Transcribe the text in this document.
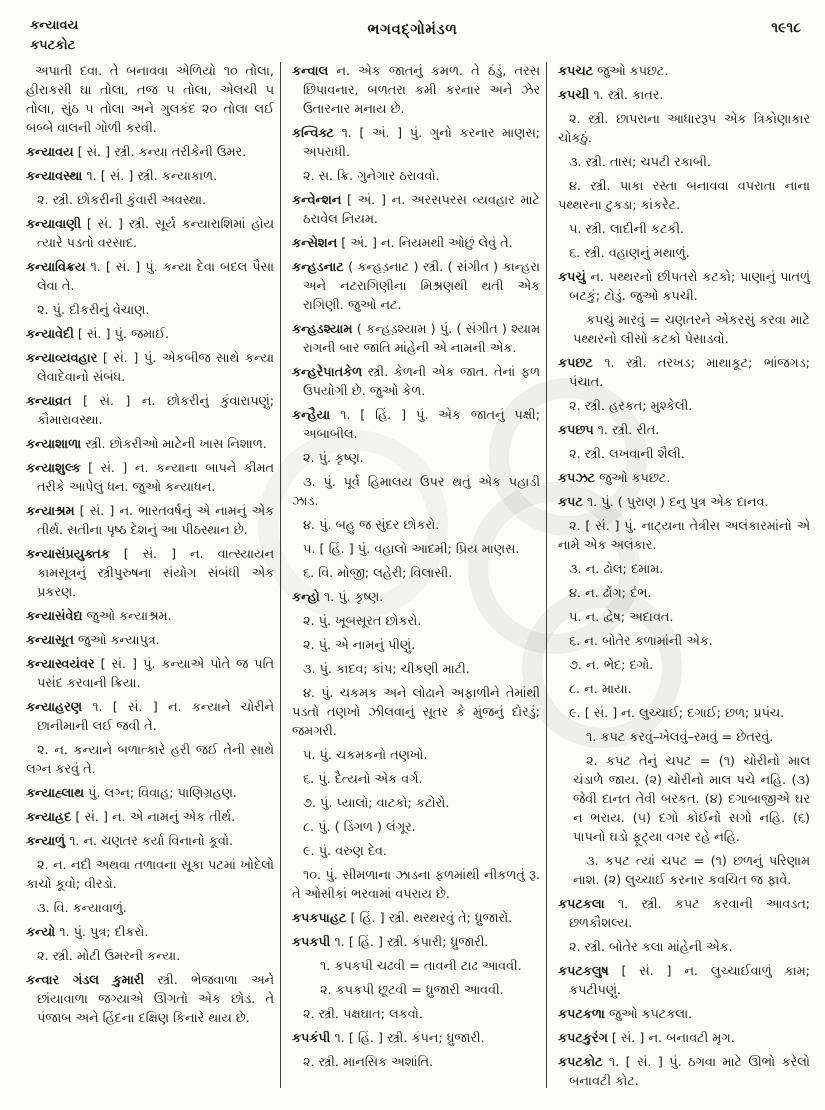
કન્યાવય
કપટકોટ
ભગવદ્ગોમંડળ	૧૯૧૮

અપાતી દવા. તે બનાવવા એળિયો ૧૦ તોલા, હીરાકસી ઘા તોલા, તજ ૫ તોલા, એલચી ૫ તોલા, સુંઠ ૫ તોલા અને ગુલકંદ ૨૦ તોલા લઈ બબ્બે વાલની ગોળી કરવી.

કન્યાવય [ સં. ] સ્ત્રી. કન્યા તરીકેની ઉમર.

કન્યાવસ્થા ૧. [ સં. ] સ્ત્રી. કન્યાકાળ.

૨. સ્ત્રી. છોકરીની કુંવારી અવસ્થા.

કન્યાવાણી [ સં. ] સ્ત્રી. સૂર્ય કન્યારાશિમાં હોય ત્યારે પડતો વરસાદ.

કન્યાવિક્રય ૧. [ સં. ] પું. કન્યા દેવા બદલ પૈસા લેવા તે.

૨. પું. દીકરીનું વેચાણ.

કન્યાવેદી [ સં. ] પું. જમાઈ.

કન્યાવ્યવહાર [ સં. ] પું. એકબીજ સાથે કન્યા લેવાદેવાનો સંબંધ.

કન્યાવ્રત [ સં. ] ન. છોકરીનું કુંવારાપણું; કૌમારાવસ્થા.

કન્યાશાળા સ્ત્રી. છોકરીઓ માટેની ખાસ નિશાળ.

કન્યાશુલ્ક [ સં. ] ન. કન્યાના બાપને કીમત તરીકે આપેલું ધન. જુઓ કન્યાધન.

કન્યાશ્રમ [ સં. ] ન. ભારતવર્ષનું એ નામનું એક તીર્થ. સતીના પૃષ્ઠ દેશનું આ પીઠસ્થાન છે.

કન્યાસંપ્રયુક્તક [ સં. ] ન. વાત્સ્યાયન કામસૂત્રનું સ્ત્રીપુરુષના સંયોગ સંબંધી એક પ્રકરણ.

કન્યાસંવેદ્ય જુઓ કન્યાશ્રમ.

કન્યાસૂત જુઓ કન્યાપુત્ર.

કન્યાસ્વયંવર [ સં. ] પું. કન્યાએ પોતે જ પતિ પસંદ કરવાની ક્રિયા.

કન્યાહરણ ૧. [ સં. ] ન. કન્યાને ચોરીને છાનીમાની લઈ જવી તે.

૨. ન. કન્યાને બળાત્કારે હરી જઈ તેની સાથે લગ્ન કરવું તે.

કન્યાહ્લાથ પું. લગ્ન; વિવાહ; પાણિગ્રહણ.

કન્યાહ્રદ [ સં. ] ન. એ નામનું એક તીર્થ.

કન્યાળું ૧. ન. ચણતર કર્યા વિનાનો કૂવો.

૨. ન. નદી અથવા તળાવના સૂકા પટમાં ખોદેલો કાચો કૂવો; વીરડો.

૩. વિ. કન્યાવાળું.

કન્યો ૧. પું. પુત્ર; દીકરો.

૨. સ્ત્રી. મોટી ઉમરની કન્યા.

કન્વાર ગંડલ કુમારી સ્ત્રી. ભેજવાળા અને છાંયાવાળા જગ્યાએ ઊગતો એક છોડ. તે પંજાબ અને હિંદના દક્ષિણ કિનારે થાય છે.

કન્વાલ ન. એક જાતનું કમળ. તે ઠંડું, તરસ છિપાવનાર, બળતરા કમી કરનાર અને ઝેર ઉતારનાર મનાય છે.

કન્વિક્ટ ૧. [ અં. ] પું. ગુનો કરનાર માણસ; અપરાધી.

૨. સ. ક્રિ. ગુનેગાર ઠરાવવો.

કન્વેન્શન [ અં. ] ન. અરસપરસ વ્યવહાર માટે ઠરાવેલ નિયમ.

કન્સેશન [ અં. ] ન. નિયમથી ઓછું લેવું તે.

કન્હડનાટ ( કન્હડ઼નાટ ) સ્ત્રી. ( સંગીત ) કાન્હરા અને નટરાગિણીના મિશ્રણથી થતી એક રાગિણી. જુઓ નટ.

કન્હડશ્યામ ( કન્હડ઼શ્યામ ) પું. ( સંગીત ) શ્યામ રાગની બાર જાતિ માંહેની એ નામની એક.

કન્હરેપાતકેળ સ્ત્રી. કેળની એક જાત. તેનાં ફળ ઉપયોગી છે. જુઓ કેળ.

કન્હૈયા ૧. [ હિં. ] પું. એક જાતનું પક્ષી; અબાબીલ.

૨. પું. કૃષ્ણ.

૩. પું. પૂર્વ હિમાલય ઉપર થતું એક પહાડી ઝાડ.

૪. પું. બહુ જ સુંદર છોકરો.

૫. [ હિં. ] પું. વહાલો આદમી; પ્રિય માણસ.

૬. વિ. મોજી; લહેરી; વિલાસી.

કન્હો ૧. પું. કૃષ્ણ.

૨. પું. ખૂબસૂરત છોકરો.

૨. પું. એ નામનું પીણું.

૩. પું. કાદવ; કાંપ; ચીકણી માટી.

૪. પું. ચકમક અને લોઢાને અફાળીને તેમાંથી પડતો તણખો ઝીલવાનું સૂતર કે મુંજનું દોરડું; જમગરી.

૫. પું. ચકમકનો તણખો.

૬. પું. દૈત્યનો એક વર્ગ.

૭. પું. પ્યાલો; વાટકો; કટોરો.

૮. પું. ( ડિંગળ ) લંગૂર.

૯. પું. વરુણ દેવ.

૧૦. પું. સીમળાના ઝાડના ફળમાંથી નીકળતું રૂ. તે ઓસીકાં ભરવામાં વપરાય છે.

કપકપાહટ [ હિં. ] સ્ત્રી. થરથરવું તે; ધ્રુજારો.

કપકપી ૧. [ હિં. ] સ્ત્રી. કંપારી; ધ્રુજારી.

૧. કપકપી ચઢવી = તાવની ટાઢ આવવી.

૨. કપકપી છૂટવી = ધ્રુજારી આવવી.

૨. સ્ત્રી. પક્ષઘાત; લકવો.

કપકંપી ૧. [ હિં. ] સ્ત્રી. કંપન; ધ્રુજારી.

૨. સ્ત્રી. માનસિક અશાંતિ.

કપચટ જુઓ કપછટ.

કપચી ૧. સ્ત્રી. કાતર.

૨. સ્ત્રી. છાપરાના આધારરૂપ એક ત્રિકોણાકાર ચોકઠું.

૩. સ્ત્રી. તાસ; ચપટી રકાબી.

૪. સ્ત્રી. પાકા રસ્તા બનાવવા વપરાતા નાના પથ્થરના ટુકડા; કાંકરેટ.

૫. સ્ત્રી. લાદીની કટકી.

૬. સ્ત્રી. વહાણનું મથાળું.

કપચું ન. પથ્થરનો છીપતરો કટકો; પાણાનું પાતળું બટકું; ટોડું. જુઓ કપચી.

કપચું મારવું = ચણતરને એકરસું કરવા માટે પથ્થરનો લીસો કટકો પેસાડવો.

કપછટ ૧. સ્ત્રી. તરખડ; માથાકૂટ; ભાંજગડ; પંચાત.

૨. સ્ત્રી. હરકત; મુશ્કેલી.

કપછપ ૧. સ્ત્રી. રીત.

૨. સ્ત્રી. લખવાની શૈલી.

કપઝટ જુઓ કપછટ.

કપટ ૧. પું. ( પુરાણ ) દનુ પુત્ર એક દાનવ.

૨. [ સં. ] પું. નાટ્યના તેત્રીસ અલંકારમાંનો એ નામે એક અલંકાર.

૩. ન. ઢોલ; દમામ.

૪. ન. ઢોંગ; દંભ.

૫. ન. દ્વેષ; અદાવત.

૬. ન. બોતેર કળામાંની એક.

૭. ન. ભેદ; દગો.

૮. ન. માયા.

૯. [ સં. ] ન. લુચ્ચાઈ; દગાઈ; છળ; પ્રપંચ.

૧. કપટ કરવું–ખેલવું–રમવું = છેતરવું.

૨. કપટ તેનું ચપટ = (૧) ચોરીનો માલ ચંડાળે જાય. (૨) ચોરીનો માલ પચે નહિ. (૩) જેવી દાનત તેવી બરકત. (૪) દગાબાજીએ ઘર ન ભરાય. (૫) દગો કોઈનો સગો નહિ. (૬) પાપનો ઘડો ફૂટ્યા વગર રહે નહિ.

૩. કપટ ત્યાં ચપટ = (૧) છળનું પરિણામ નાશ. (૨) લુચ્ચાઈ કરનાર કવચિત જ ફાવે.

કપટકલા ૧. સ્ત્રી. કપટ કરવાની આવડત; છળકૌશલ્ય.

૨. સ્ત્રી. બોતેર કલા માંહેની એક.

કપટકલુષ [ સં. ] ન. લુચ્ચાઈવાળું કામ; કપટીપણું.

કપટકળા જુઓ કપટકલા.

કપટકુરંગ [ સં. ] ન. બનાવટી મૃગ.

કપટકોટ ૧. [ સં. ] પું. ઠગવા માટે ઊભો કરેલો બનાવટી કોટ.
